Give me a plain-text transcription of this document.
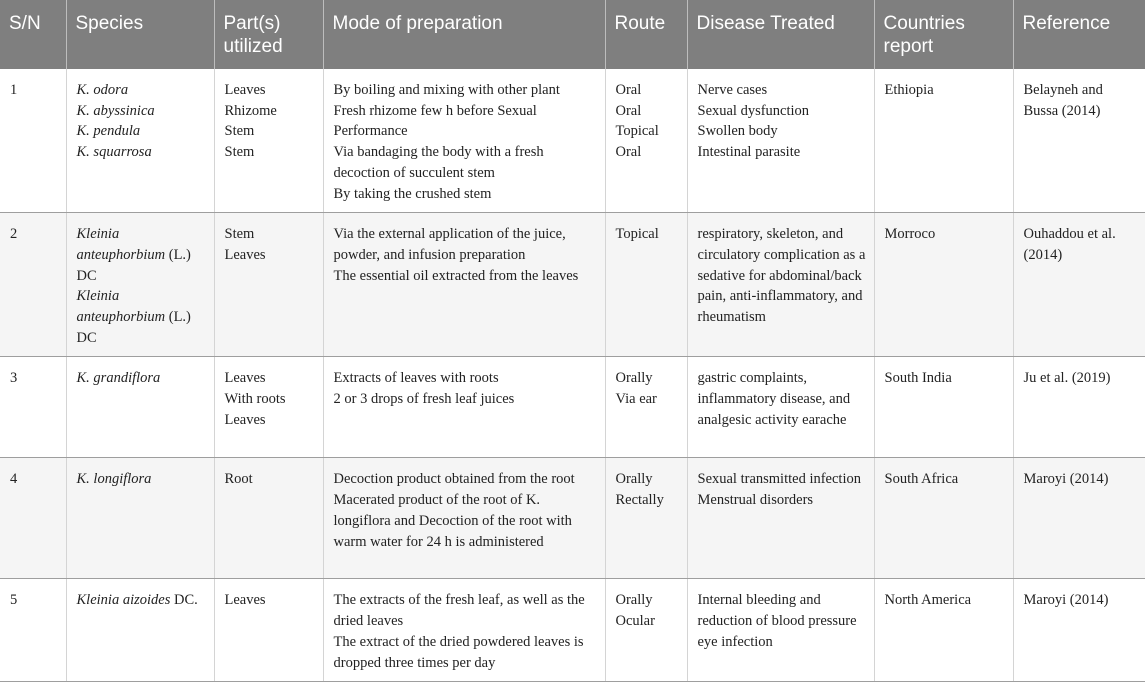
S/N	Species	Part(s) utilized	Mode of preparation	Route	Disease Treated	Countries report	Reference
1	K. odora
K. abyssinica
K. pendula
K. squarrosa	Leaves
Rhizome
Stem
Stem	By boiling and mixing with other plant
Fresh rhizome few h before Sexual Performance
Via bandaging the body with a fresh decoction of succulent stem
By taking the crushed stem	Oral
Oral
Topical
Oral	Nerve cases
Sexual dysfunction
Swollen body
Intestinal parasite	Ethiopia	Belayneh and Bussa (2014)
2	Kleinia anteuphorbium (L.) DC
Kleinia anteuphorbium (L.) DC	Stem
Leaves	Via the external application of the juice, powder, and infusion preparation
The essential oil extracted from the leaves	Topical	respiratory, skeleton, and circulatory complication as a sedative for abdominal/back pain, anti-inflammatory, and rheumatism	Morroco	Ouhaddou et al. (2014)
3	K. grandiflora	Leaves
With roots
Leaves	Extracts of leaves with roots
2 or 3 drops of fresh leaf juices	Orally
Via ear	gastric complaints, inflammatory disease, and analgesic activity earache	South India	Ju et al. (2019)
4	K. longiflora	Root	Decoction product obtained from the root
Macerated product of the root of K. longiflora and Decoction of the root with warm water for 24 h is administered	Orally
Rectally	Sexual transmitted infection
Menstrual disorders	South Africa	Maroyi (2014)
5	Kleinia aizoides DC.	Leaves	The extracts of the fresh leaf, as well as the dried leaves
The extract of the dried powdered leaves is dropped three times per day	Orally
Ocular	Internal bleeding and reduction of blood pressure eye infection	North America	Maroyi (2014)
